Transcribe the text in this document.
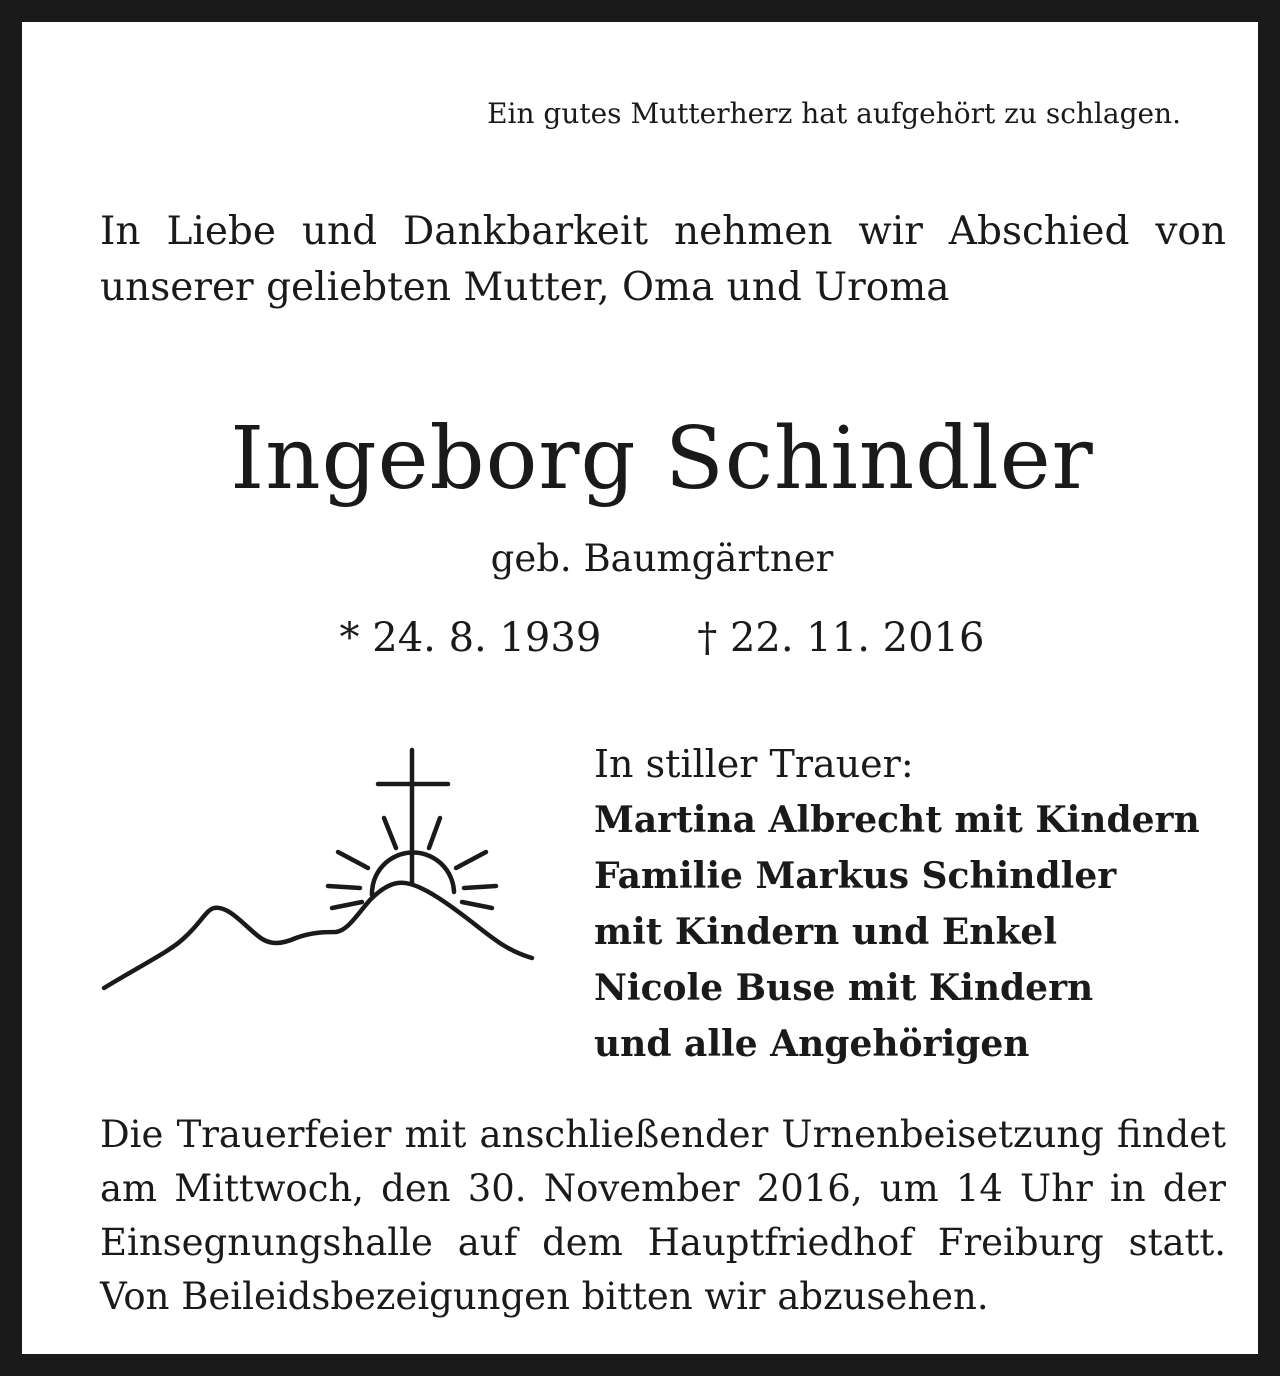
Ein gutes Mutterherz hat aufgehört zu schlagen.
In Liebe und Dankbarkeit nehmen wir Abschied von unserer geliebten Mutter, Oma und Uroma
Ingeborg Schindler
geb. Baumgärtner
* 24. 8. 1939 † 22. 11. 2016
In stiller Trauer:
Martina Albrecht mit Kindern
Familie Markus Schindler
mit Kindern und Enkel
Nicole Buse mit Kindern
und alle Angehörigen
Die Trauerfeier mit anschließender Urnenbeisetzung findet am Mittwoch, den 30. November 2016, um 14 Uhr in der Einsegnungshalle auf dem Hauptfriedhof Freiburg statt. Von Beileidsbezeigungen bitten wir abzusehen.
